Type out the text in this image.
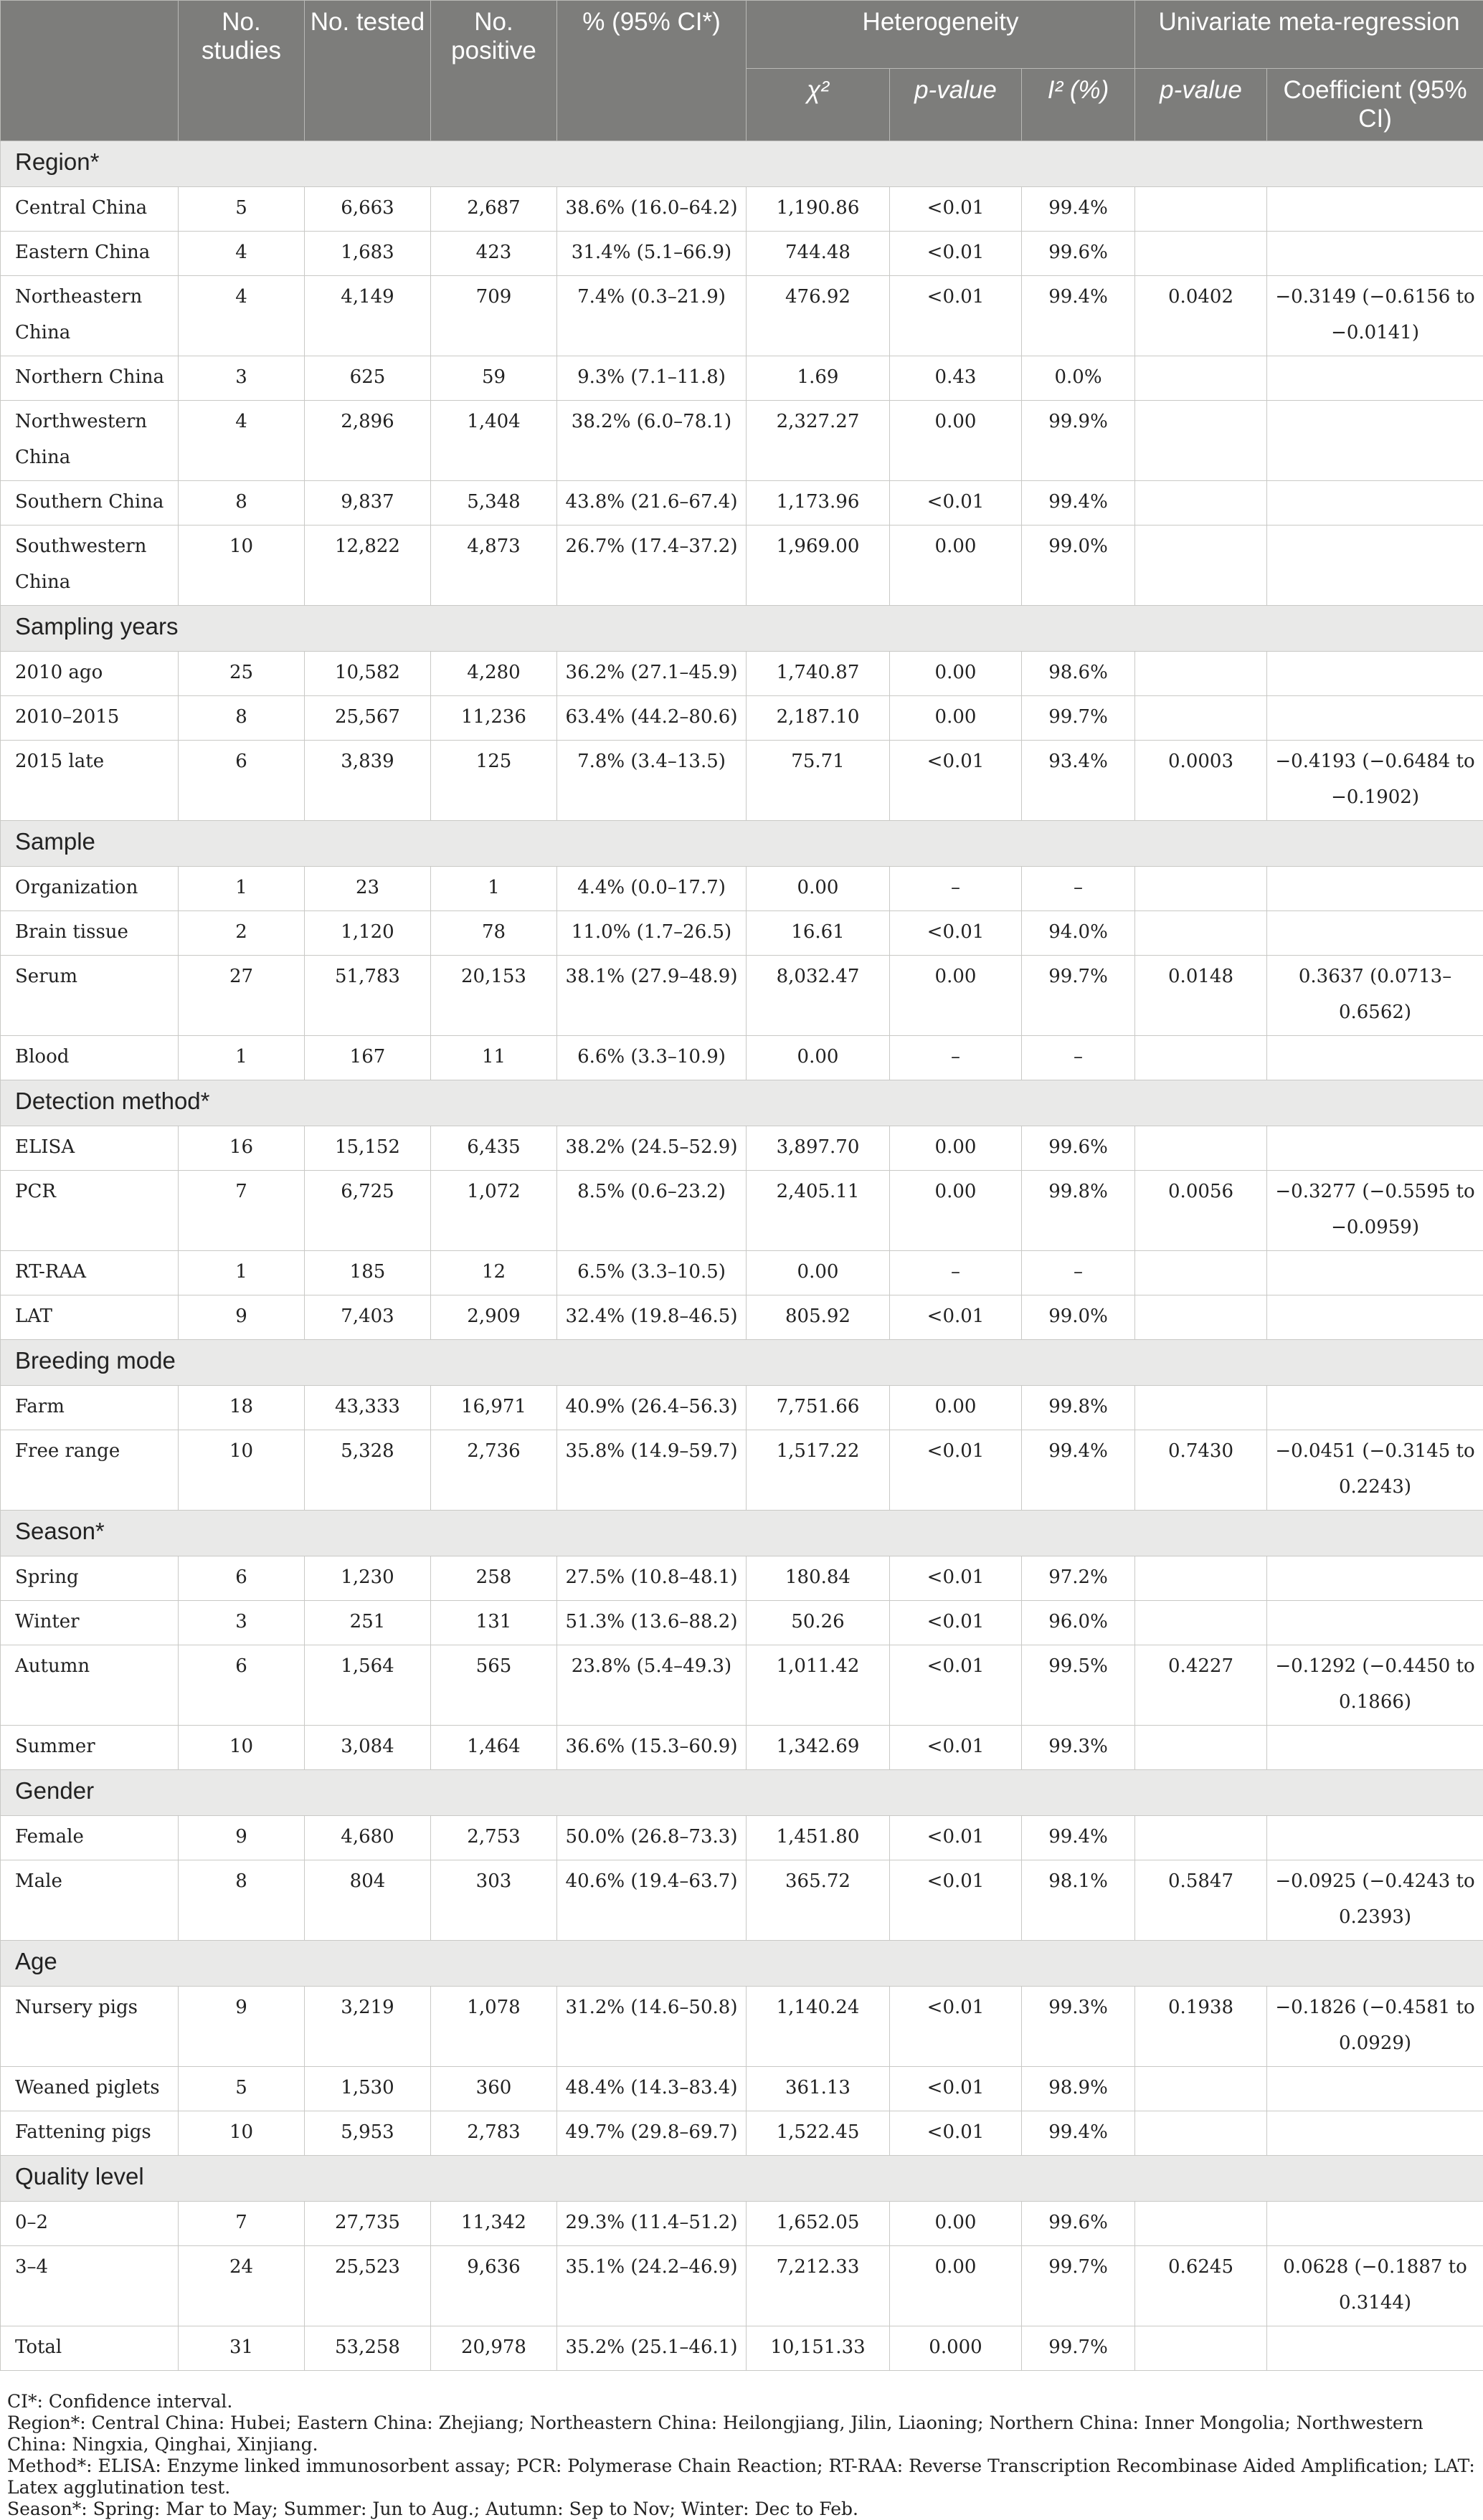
	No. studies	No. tested	No. positive	% (95% CI*)	Heterogeneity			Univariate meta-regression	
					χ²	p-value	I² (%)	p-value	Coefficient (95% CI)
Region*									
Central China	5	6,663	2,687	38.6% (16.0–64.2)	1,190.86	<0.01	99.4%		
Eastern China	4	1,683	423	31.4% (5.1–66.9)	744.48	<0.01	99.6%		
Northeastern China	4	4,149	709	7.4% (0.3–21.9)	476.92	<0.01	99.4%	0.0402	−0.3149 (−0.6156 to −0.0141)
Northern China	3	625	59	9.3% (7.1–11.8)	1.69	0.43	0.0%		
Northwestern China	4	2,896	1,404	38.2% (6.0–78.1)	2,327.27	0.00	99.9%		
Southern China	8	9,837	5,348	43.8% (21.6–67.4)	1,173.96	<0.01	99.4%		
Southwestern China	10	12,822	4,873	26.7% (17.4–37.2)	1,969.00	0.00	99.0%		
Sampling years									
2010 ago	25	10,582	4,280	36.2% (27.1–45.9)	1,740.87	0.00	98.6%		
2010–2015	8	25,567	11,236	63.4% (44.2–80.6)	2,187.10	0.00	99.7%		
2015 late	6	3,839	125	7.8% (3.4–13.5)	75.71	<0.01	93.4%	0.0003	−0.4193 (−0.6484 to −0.1902)
Sample									
Organization	1	23	1	4.4% (0.0–17.7)	0.00	–	–		
Brain tissue	2	1,120	78	11.0% (1.7–26.5)	16.61	<0.01	94.0%		
Serum	27	51,783	20,153	38.1% (27.9–48.9)	8,032.47	0.00	99.7%	0.0148	0.3637 (0.0713–0.6562)
Blood	1	167	11	6.6% (3.3–10.9)	0.00	–	–		
Detection method*									
ELISA	16	15,152	6,435	38.2% (24.5–52.9)	3,897.70	0.00	99.6%		
PCR	7	6,725	1,072	8.5% (0.6–23.2)	2,405.11	0.00	99.8%	0.0056	−0.3277 (−0.5595 to −0.0959)
RT-RAA	1	185	12	6.5% (3.3–10.5)	0.00	–	–		
LAT	9	7,403	2,909	32.4% (19.8–46.5)	805.92	<0.01	99.0%		
Breeding mode									
Farm	18	43,333	16,971	40.9% (26.4–56.3)	7,751.66	0.00	99.8%		
Free range	10	5,328	2,736	35.8% (14.9–59.7)	1,517.22	<0.01	99.4%	0.7430	−0.0451 (−0.3145 to 0.2243)
Season*									
Spring	6	1,230	258	27.5% (10.8–48.1)	180.84	<0.01	97.2%		
Winter	3	251	131	51.3% (13.6–88.2)	50.26	<0.01	96.0%		
Autumn	6	1,564	565	23.8% (5.4–49.3)	1,011.42	<0.01	99.5%	0.4227	−0.1292 (−0.4450 to 0.1866)
Summer	10	3,084	1,464	36.6% (15.3–60.9)	1,342.69	<0.01	99.3%		
Gender									
Female	9	4,680	2,753	50.0% (26.8–73.3)	1,451.80	<0.01	99.4%		
Male	8	804	303	40.6% (19.4–63.7)	365.72	<0.01	98.1%	0.5847	−0.0925 (−0.4243 to 0.2393)
Age									
Nursery pigs	9	3,219	1,078	31.2% (14.6–50.8)	1,140.24	<0.01	99.3%	0.1938	−0.1826 (−0.4581 to 0.0929)
Weaned piglets	5	1,530	360	48.4% (14.3–83.4)	361.13	<0.01	98.9%		
Fattening pigs	10	5,953	2,783	49.7% (29.8–69.7)	1,522.45	<0.01	99.4%		
Quality level									
0–2	7	27,735	11,342	29.3% (11.4–51.2)	1,652.05	0.00	99.6%		
3–4	24	25,523	9,636	35.1% (24.2–46.9)	7,212.33	0.00	99.7%	0.6245	0.0628 (−0.1887 to 0.3144)
Total	31	53,258	20,978	35.2% (25.1–46.1)	10,151.33	0.000	99.7%		

CI*: Confidence interval.

Region*: Central China: Hubei; Eastern China: Zhejiang; Northeastern China: Heilongjiang, Jilin, Liaoning; Northern China: Inner Mongolia; Northwestern China: Ningxia, Qinghai, Xinjiang.

Method*: ELISA: Enzyme linked immunosorbent assay; PCR: Polymerase Chain Reaction; RT-RAA: Reverse Transcription Recombinase Aided Amplification; LAT: Latex agglutination test.

Season*: Spring: Mar to May; Summer: Jun to Aug.; Autumn: Sep to Nov; Winter: Dec to Feb.
